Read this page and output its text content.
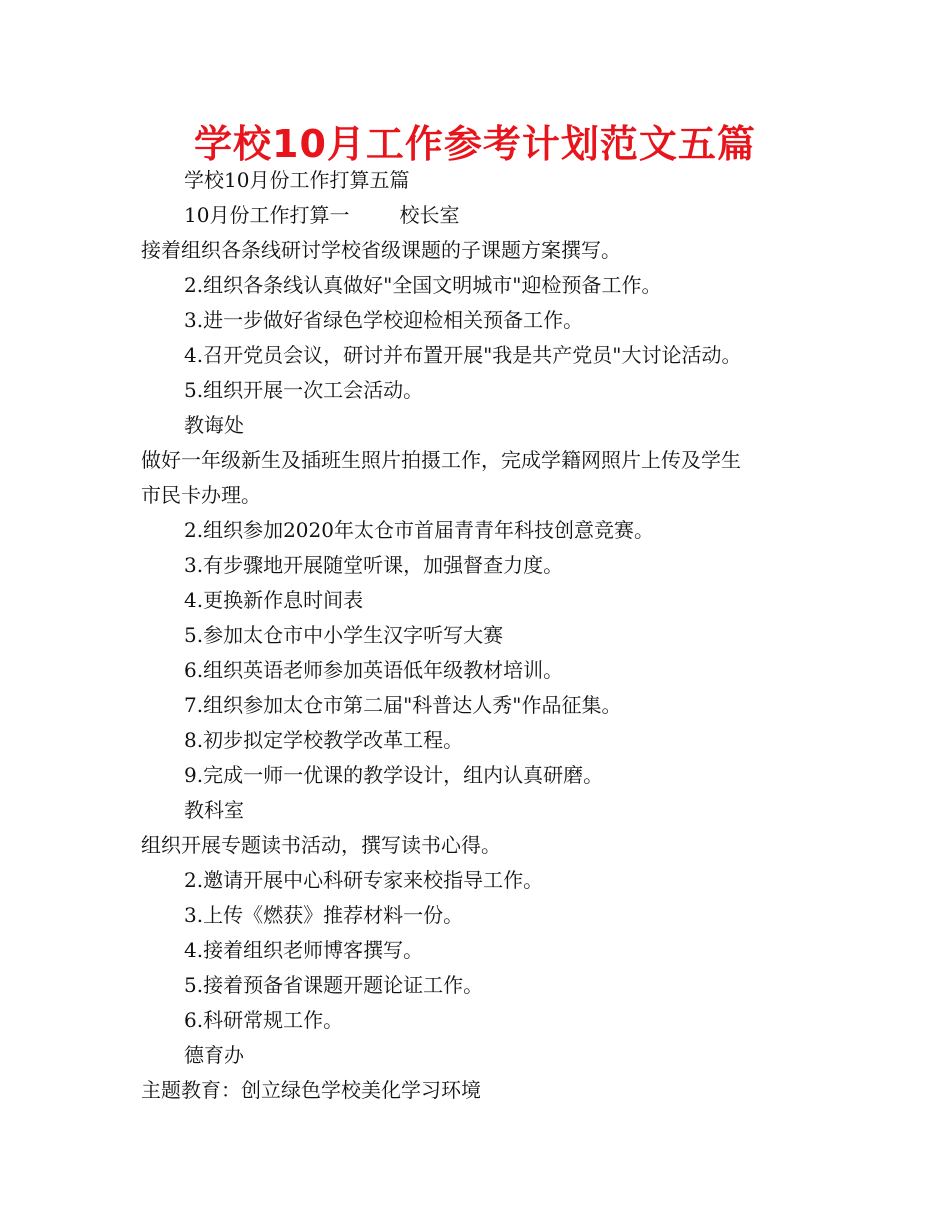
学校10月工作参考计划范文五篇
学校10月份工作打算五篇
10月份工作打算一	校长室
接着组织各条线研讨学校省级课题的子课题方案撰写。
2.组织各条线认真做好"全国文明城市"迎检预备工作。
3.进一步做好省绿色学校迎检相关预备工作。
4.召开党员会议，研讨并布置开展"我是共产党员"大讨论活动。
5.组织开展一次工会活动。
教诲处
做好一年级新生及插班生照片拍摄工作，完成学籍网照片上传及学生
市民卡办理。
2.组织参加2020年太仓市首届青青年科技创意竞赛。
3.有步骤地开展随堂听课，加强督查力度。
4.更换新作息时间表
5.参加太仓市中小学生汉字听写大赛
6.组织英语老师参加英语低年级教材培训。
7.组织参加太仓市第二届"科普达人秀"作品征集。
8.初步拟定学校教学改革工程。
9.完成一师一优课的教学设计，组内认真研磨。
教科室
组织开展专题读书活动，撰写读书心得。
2.邀请开展中心科研专家来校指导工作。
3.上传《燃获》推荐材料一份。
4.接着组织老师博客撰写。
5.接着预备省课题开题论证工作。
6.科研常规工作。
德育办
主题教育：创立绿色学校美化学习环境
